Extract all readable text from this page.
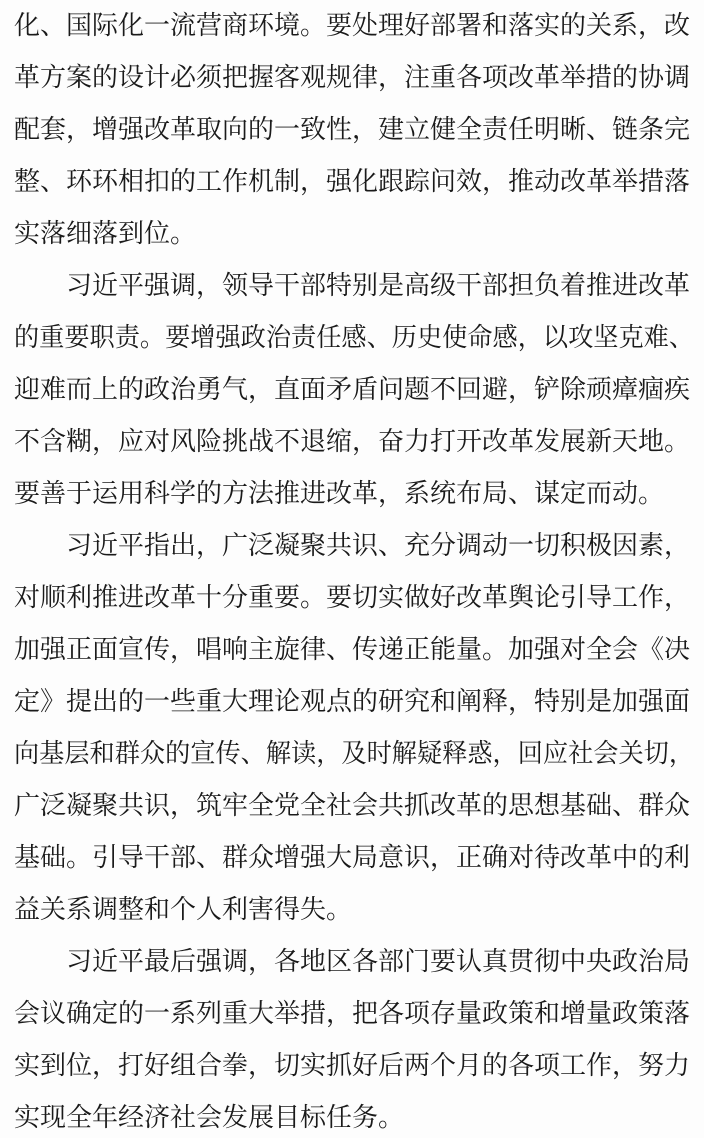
化、国际化一流营商环境。要处理好部署和落实的关系，改
革方案的设计必须把握客观规律，注重各项改革举措的协调
配套，增强改革取向的一致性，建立健全责任明晰、链条完
整、环环相扣的工作机制，强化跟踪问效，推动改革举措落
实落细落到位。
　　习近平强调，领导干部特别是高级干部担负着推进改革
的重要职责。要增强政治责任感、历史使命感，以攻坚克难、
迎难而上的政治勇气，直面矛盾问题不回避，铲除顽瘴痼疾
不含糊，应对风险挑战不退缩，奋力打开改革发展新天地。
要善于运用科学的方法推进改革，系统布局、谋定而动。
　　习近平指出，广泛凝聚共识、充分调动一切积极因素，
对顺利推进改革十分重要。要切实做好改革舆论引导工作，
加强正面宣传，唱响主旋律、传递正能量。加强对全会《决
定》提出的一些重大理论观点的研究和阐释，特别是加强面
向基层和群众的宣传、解读，及时解疑释惑，回应社会关切，
广泛凝聚共识，筑牢全党全社会共抓改革的思想基础、群众
基础。引导干部、群众增强大局意识，正确对待改革中的利
益关系调整和个人利害得失。
　　习近平最后强调，各地区各部门要认真贯彻中央政治局
会议确定的一系列重大举措，把各项存量政策和增量政策落
实到位，打好组合拳，切实抓好后两个月的各项工作，努力
实现全年经济社会发展目标任务。
